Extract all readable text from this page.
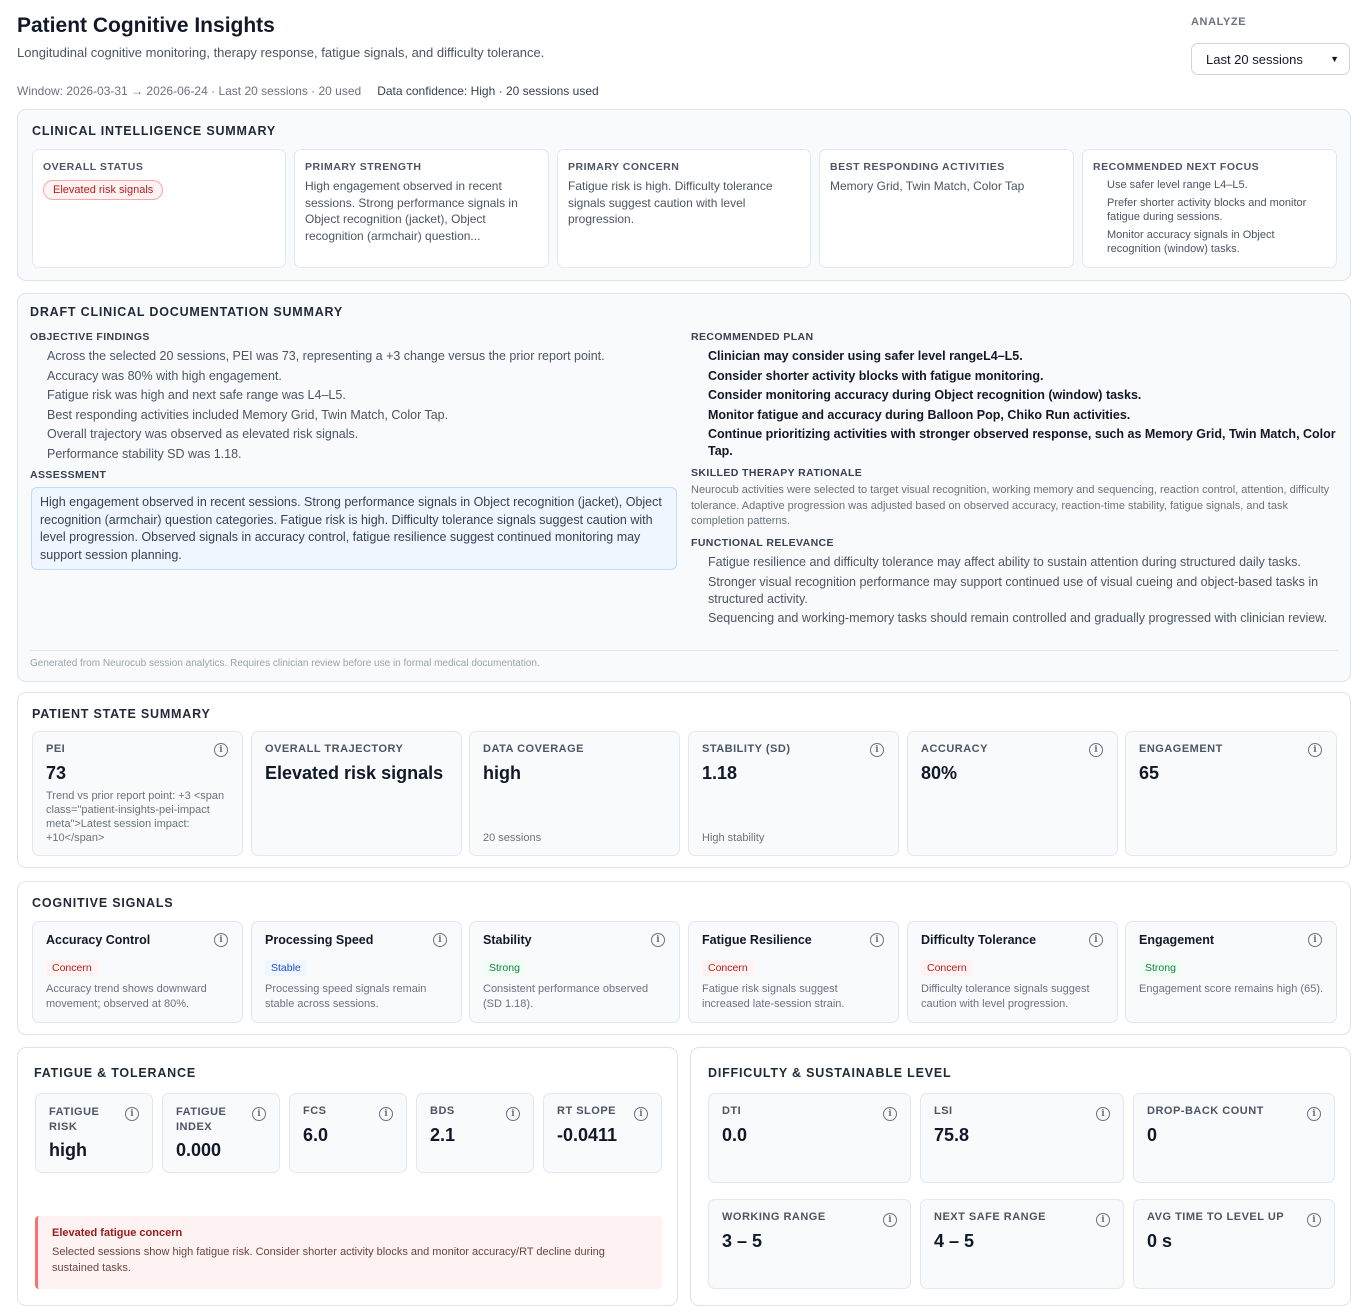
Patient Cognitive Insights
Longitudinal cognitive monitoring, therapy response, fatigue signals, and difficulty tolerance.
Window: 2026-03-31 → 2026-06-24 · Last 20 sessions · 20 used Data confidence: High · 20 sessions used
ANALYZE
Last 20 sessions	▼
CLINICAL INTELLIGENCE SUMMARY
OVERALL STATUS
Elevated risk signals
PRIMARY STRENGTH
High engagement observed in recent sessions. Strong performance signals in Object recognition (jacket), Object recognition (armchair) question...
PRIMARY CONCERN
Fatigue risk is high. Difficulty tolerance signals suggest caution with level progression.
BEST RESPONDING ACTIVITIES
Memory Grid, Twin Match, Color Tap
RECOMMENDED NEXT FOCUS
Use safer level range L4–L5.
Prefer shorter activity blocks and monitor fatigue during sessions.
Monitor accuracy signals in Object recognition (window) tasks.
DRAFT CLINICAL DOCUMENTATION SUMMARY
OBJECTIVE FINDINGS
Across the selected 20 sessions, PEI was 73, representing a +3 change versus the prior report point.
Accuracy was 80% with high engagement.
Fatigue risk was high and next safe range was L4–L5.
Best responding activities included Memory Grid, Twin Match, Color Tap.
Overall trajectory was observed as elevated risk signals.
Performance stability SD was 1.18.
ASSESSMENT
High engagement observed in recent sessions. Strong performance signals in Object recognition (jacket), Object recognition (armchair) question categories. Fatigue risk is high. Difficulty tolerance signals suggest caution with level progression. Observed signals in accuracy control, fatigue resilience suggest continued monitoring may support session planning.
RECOMMENDED PLAN
Clinician may consider using safer level rangeL4–L5.
Consider shorter activity blocks with fatigue monitoring.
Consider monitoring accuracy during Object recognition (window) tasks.
Monitor fatigue and accuracy during Balloon Pop, Chiko Run activities.
Continue prioritizing activities with stronger observed response, such as Memory Grid, Twin Match, Color Tap.
SKILLED THERAPY RATIONALE
Neurocub activities were selected to target visual recognition, working memory and sequencing, reaction control, attention, difficulty tolerance. Adaptive progression was adjusted based on observed accuracy, reaction-time stability, fatigue signals, and task completion patterns.
FUNCTIONAL RELEVANCE
Fatigue resilience and difficulty tolerance may affect ability to sustain attention during structured daily tasks.
Stronger visual recognition performance may support continued use of visual cueing and object-based tasks in structured activity.
Sequencing and working-memory tasks should remain controlled and gradually progressed with clinician review.
Generated from Neurocub session analytics. Requires clinician review before use in formal medical documentation.
PATIENT STATE SUMMARY
PEI	i
73
Trend vs prior report point: +3 <span class="patient-insights-pei-impact meta">Latest session impact: +10</span>
OVERALL TRAJECTORY
Elevated risk signals
DATA COVERAGE
high
20 sessions
STABILITY (SD)	i
1.18
High stability
ACCURACY	i
80%
ENGAGEMENT	i
65
COGNITIVE SIGNALS
Accuracy Control	i
Concern
Accuracy trend shows downward movement; observed at 80%.
Processing Speed	i
Stable
Processing speed signals remain stable across sessions.
Stability	i
Strong
Consistent performance observed (SD 1.18).
Fatigue Resilience	i
Concern
Fatigue risk signals suggest increased late-session strain.
Difficulty Tolerance	i
Concern
Difficulty tolerance signals suggest caution with level progression.
Engagement	i
Strong
Engagement score remains high (65).
FATIGUE & TOLERANCE
FATIGUE RISK
i
high
FATIGUE INDEX
i
0.000
FCS	i
6.0
BDS	i
2.1
RT SLOPE	i
-0.0411
Elevated fatigue concern
Selected sessions show high fatigue risk. Consider shorter activity blocks and monitor accuracy/RT decline during sustained tasks.
DIFFICULTY & SUSTAINABLE LEVEL
DTI	i
0.0
LSI	i
75.8
DROP-BACK COUNT	i
0
WORKING RANGE	i
3 – 5
NEXT SAFE RANGE	i
4 – 5
AVG TIME TO LEVEL UP	i
0 s
